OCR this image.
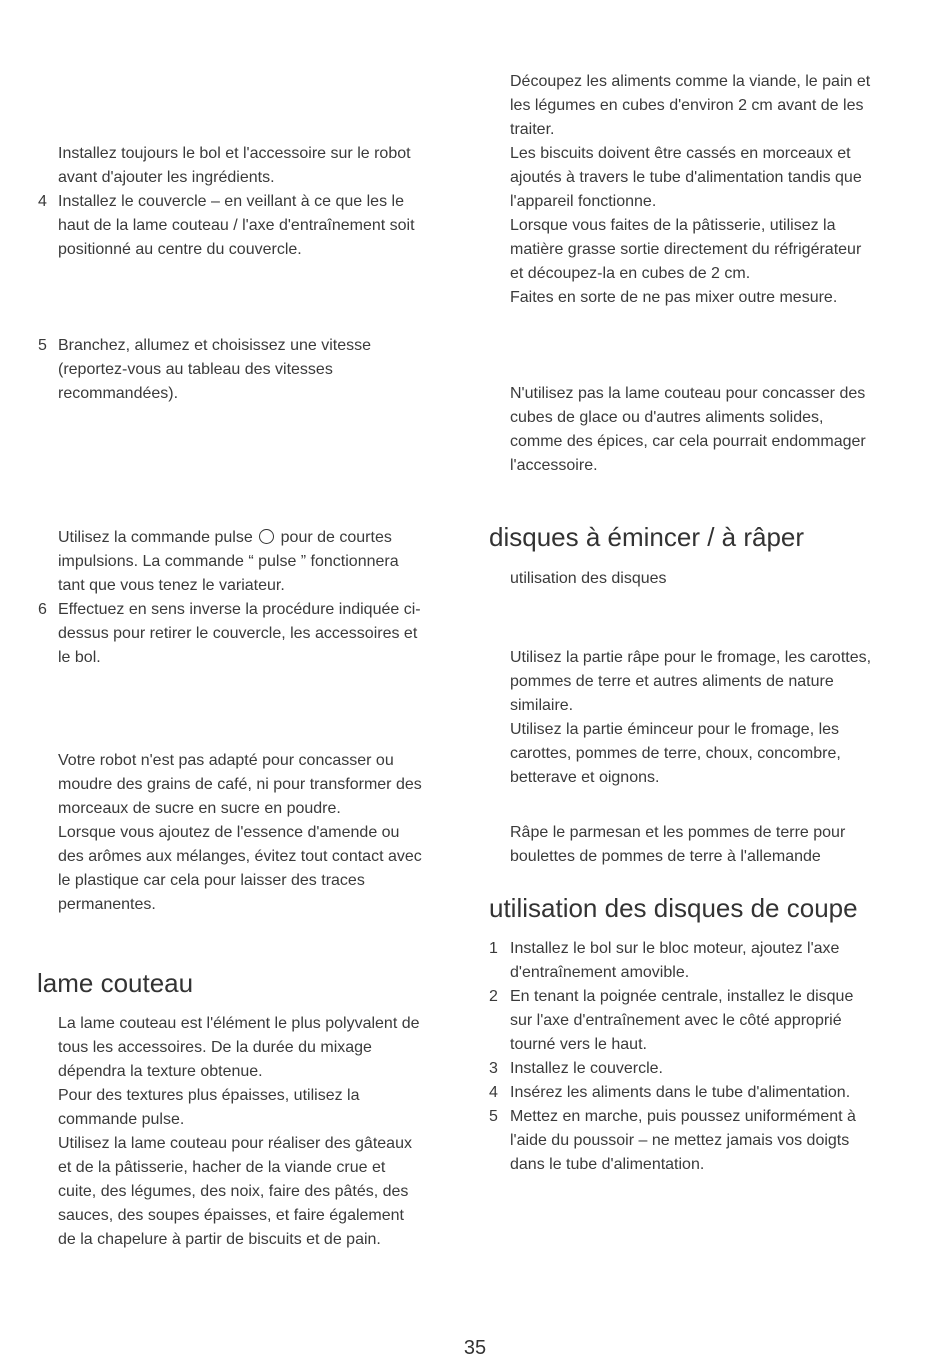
Installez toujours le bol et l'accessoire sur le robot
avant d'ajouter les ingrédients.
4 Installez le couvercle – en veillant à ce que les le
haut de la lame couteau / l'axe d'entraînement soit
positionné au centre du couvercle.
5 Branchez, allumez et choisissez une vitesse
(reportez-vous au tableau des vitesses
recommandées).
Utilisez la commande pulse pour de courtes
impulsions. La commande “ pulse ” fonctionnera
tant que vous tenez le variateur.
6 Effectuez en sens inverse la procédure indiquée ci-
dessus pour retirer le couvercle, les accessoires et
le bol.
Votre robot n'est pas adapté pour concasser ou
moudre des grains de café, ni pour transformer des
morceaux de sucre en sucre en poudre.
Lorsque vous ajoutez de l'essence d'amende ou
des arômes aux mélanges, évitez tout contact avec
le plastique car cela pour laisser des traces
permanentes.
lame couteau
La lame couteau est l'élément le plus polyvalent de
tous les accessoires. De la durée du mixage
dépendra la texture obtenue.
Pour des textures plus épaisses, utilisez la
commande pulse.
Utilisez la lame couteau pour réaliser des gâteaux
et de la pâtisserie, hacher de la viande crue et
cuite, des légumes, des noix, faire des pâtés, des
sauces, des soupes épaisses, et faire également
de la chapelure à partir de biscuits et de pain.
Découpez les aliments comme la viande, le pain et
les légumes en cubes d'environ 2 cm avant de les
traiter.
Les biscuits doivent être cassés en morceaux et
ajoutés à travers le tube d'alimentation tandis que
l'appareil fonctionne.
Lorsque vous faites de la pâtisserie, utilisez la
matière grasse sortie directement du réfrigérateur
et découpez-la en cubes de 2 cm.
Faites en sorte de ne pas mixer outre mesure.
N'utilisez pas la lame couteau pour concasser des
cubes de glace ou d'autres aliments solides,
comme des épices, car cela pourrait endommager
l'accessoire.
disques à émincer / à râper
utilisation des disques
Utilisez la partie râpe pour le fromage, les carottes,
pommes de terre et autres aliments de nature
similaire.
Utilisez la partie éminceur pour le fromage, les
carottes, pommes de terre, choux, concombre,
betterave et oignons.
Râpe le parmesan et les pommes de terre pour
boulettes de pommes de terre à l'allemande
utilisation des disques de coupe
1 Installez le bol sur le bloc moteur, ajoutez l'axe
d'entraînement amovible.
2 En tenant la poignée centrale, installez le disque
sur l'axe d'entraînement avec le côté approprié
tourné vers le haut.
3 Installez le couvercle.
4 Insérez les aliments dans le tube d'alimentation.
5 Mettez en marche, puis poussez uniformément à
l'aide du poussoir – ne mettez jamais vos doigts
dans le tube d'alimentation.
35
